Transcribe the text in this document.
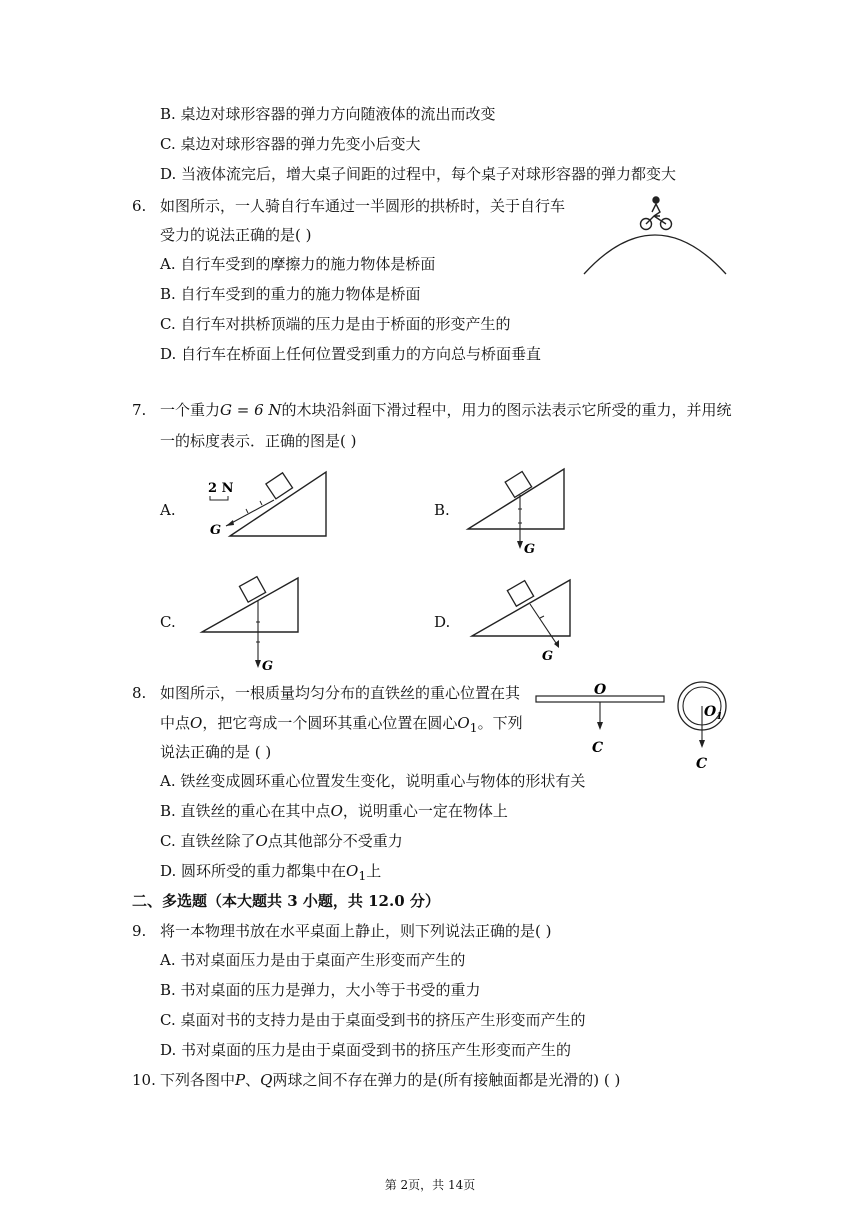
B. 桌边对球形容器的弹力方向随液体的流出而改变
C. 桌边对球形容器的弹力先变小后变大
D. 当液体流完后，增大桌子间距的过程中，每个桌子对球形容器的弹力都变大
6. 如图所示，一人骑自行车通过一半圆形的拱桥时，关于自行车
受力的说法正确的是( )
A. 自行车受到的摩擦力的施力物体是桥面
B. 自行车受到的重力的施力物体是桥面
C. 自行车对拱桥顶端的压力是由于桥面的形变产生的
D. 自行车在桥面上任何位置受到重力的方向总与桥面垂直
7. 一个重力G = 6 N的木块沿斜面下滑过程中，用力的图示法表示它所受的重力，并用统
一的标度表示．正确的图是( )
A.	B.
C.	D.
2 N
G
G
G
G
8. 如图所示，一根质量均匀分布的直铁丝的重心位置在其
中点O，把它弯成一个圆环其重心位置在圆心$O_1$。下列
说法正确的是 ( )
A. 铁丝变成圆环重心位置发生变化，说明重心与物体的形状有关
B. 直铁丝的重心在其中点O，说明重心一定在物体上
C. 直铁丝除了O点其他部分不受重力
D. 圆环所受的重力都集中在$O_1$上
O
C
$O_1$
C
二、多选题（本大题共 3 小题，共 12.0 分）
9. 将一本物理书放在水平桌面上静止，则下列说法正确的是( )
A. 书对桌面压力是由于桌面产生形变而产生的
B. 书对桌面的压力是弹力，大小等于书受的重力
C. 桌面对书的支持力是由于桌面受到书的挤压产生形变而产生的
D. 书对桌面的压力是由于桌面受到书的挤压产生形变而产生的
10. 下列各图中P、Q两球之间不存在弹力的是(所有接触面都是光滑的) ( )
第 2页，共 14页
